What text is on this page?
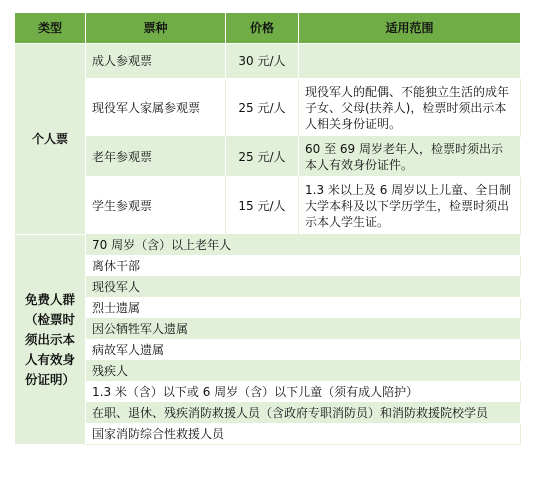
类型	票种	价格	适用范围
个人票	成人参观票	30 元/人	
	现役军人家属参观票	25 元/人	现役军人的配偶、不能独立生活的成年子女、父母(扶养人)，检票时须出示本人相关身份证明。
	老年参观票	25 元/人	60 至 69 周岁老年人，检票时须出示本人有效身份证件。
	学生参观票	15 元/人	1.3 米以上及 6 周岁以上儿童、全日制大学本科及以下学历学生，检票时须出示本人学生证。
免费人群（检票时须出示本人有效身份证明）	70 周岁（含）以上老年人		
	离休干部		
	现役军人		
	烈士遗属		
	因公牺牲军人遗属		
	病故军人遗属		
	残疾人		
	1.3 米（含）以下或 6 周岁（含）以下儿童（须有成人陪护）		
	在职、退休、残疾消防救援人员（含政府专职消防员）和消防救援院校学员		
	国家消防综合性救援人员		
